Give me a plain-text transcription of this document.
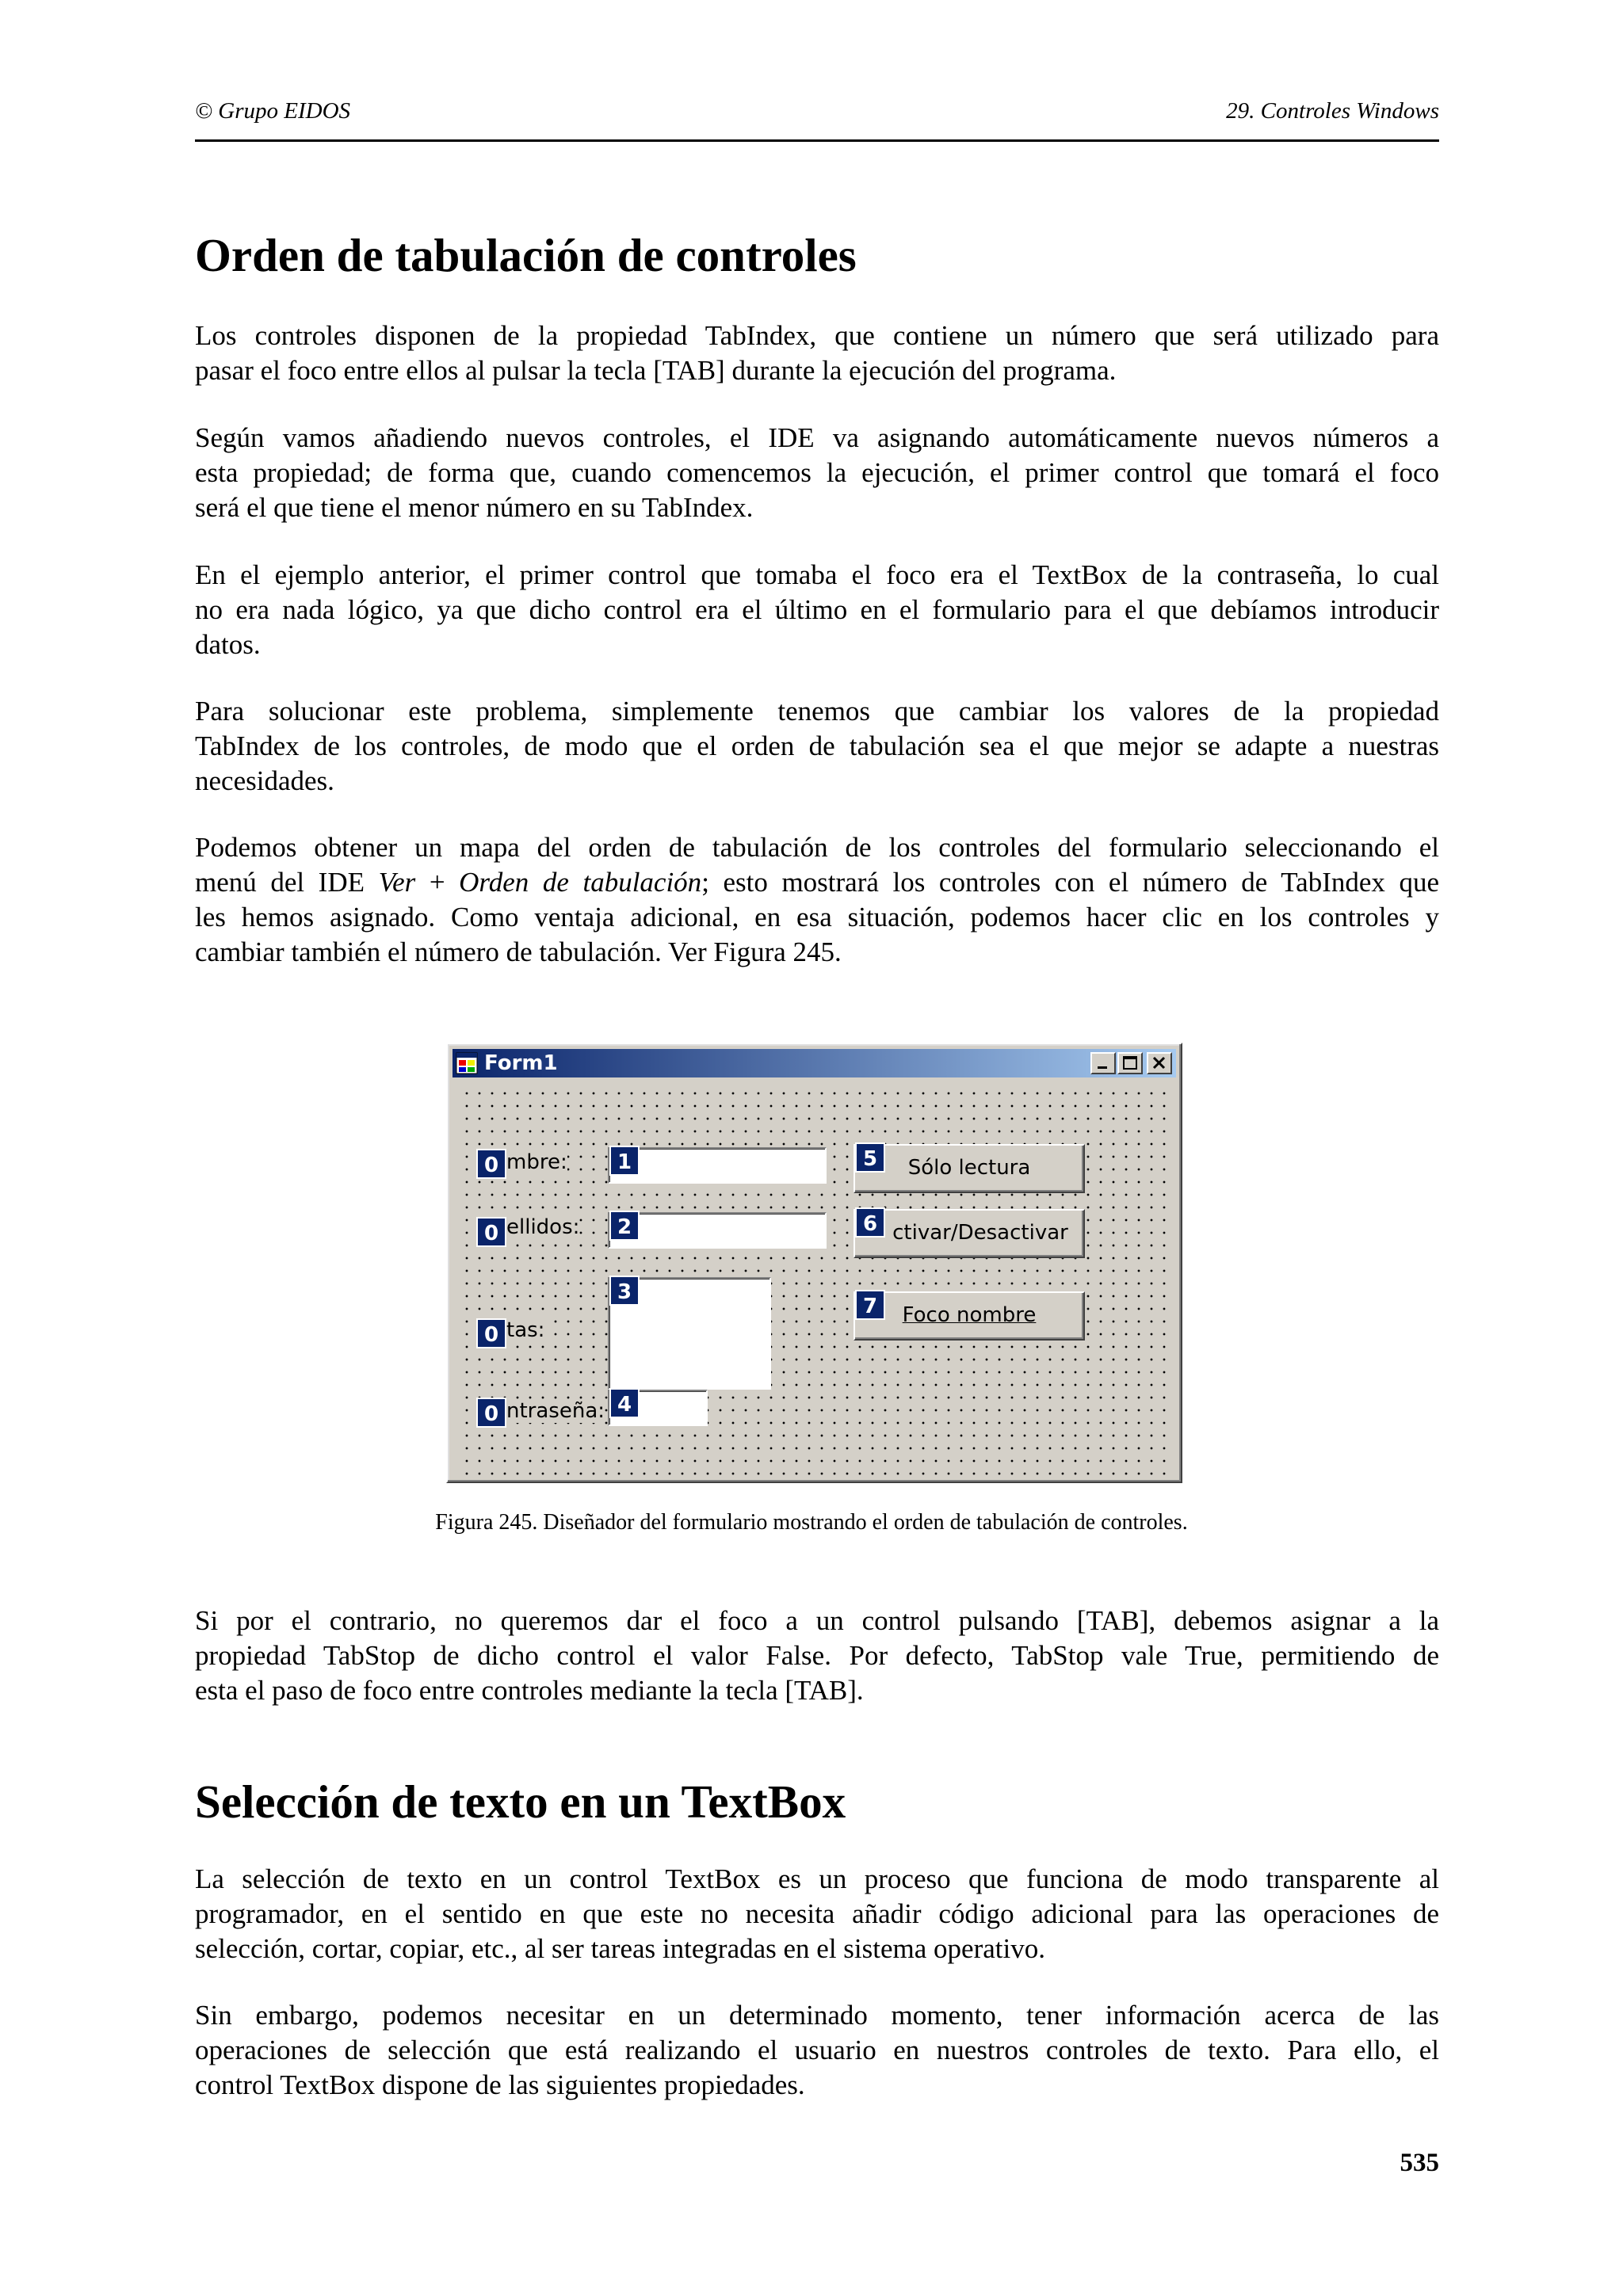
© Grupo EIDOS	29. Controles Windows
Orden de tabulación de controles
Los controles disponen de la propiedad TabIndex, que contiene un número que será utilizado para
pasar el foco entre ellos al pulsar la tecla [TAB] durante la ejecución del programa.
Según vamos añadiendo nuevos controles, el IDE va asignando automáticamente nuevos números a
esta propiedad; de forma que, cuando comencemos la ejecución, el primer control que tomará el foco
será el que tiene el menor número en su TabIndex.
En el ejemplo anterior, el primer control que tomaba el foco era el TextBox de la contraseña, lo cual
no era nada lógico, ya que dicho control era el último en el formulario para el que debíamos introducir
datos.
Para solucionar este problema, simplemente tenemos que cambiar los valores de la propiedad
TabIndex de los controles, de modo que el orden de tabulación sea el que mejor se adapte a nuestras
necesidades.
Podemos obtener un mapa del orden de tabulación de los controles del formulario seleccionando el
menú del IDE Ver + Orden de tabulación; esto mostrará los controles con el número de TabIndex que
les hemos asignado. Como ventaja adicional, en esa situación, podemos hacer clic en los controles y
cambiar también el número de tabulación. Ver Figura 245.
Form1
0 mbre:
0 ellidos:
0 tas:
0 ntraseña:
1
2
3
4
Sólo lectura
5
ctivar/Desactivar
6
Foco nombre
7
Figura 245. Diseñador del formulario mostrando el orden de tabulación de controles.
Si por el contrario, no queremos dar el foco a un control pulsando [TAB], debemos asignar a la
propiedad TabStop de dicho control el valor False. Por defecto, TabStop vale True, permitiendo de
esta el paso de foco entre controles mediante la tecla [TAB].
Selección de texto en un TextBox
La selección de texto en un control TextBox es un proceso que funciona de modo transparente al
programador, en el sentido en que este no necesita añadir código adicional para las operaciones de
selección, cortar, copiar, etc., al ser tareas integradas en el sistema operativo.
Sin embargo, podemos necesitar en un determinado momento, tener información acerca de las
operaciones de selección que está realizando el usuario en nuestros controles de texto. Para ello, el
control TextBox dispone de las siguientes propiedades.
535
